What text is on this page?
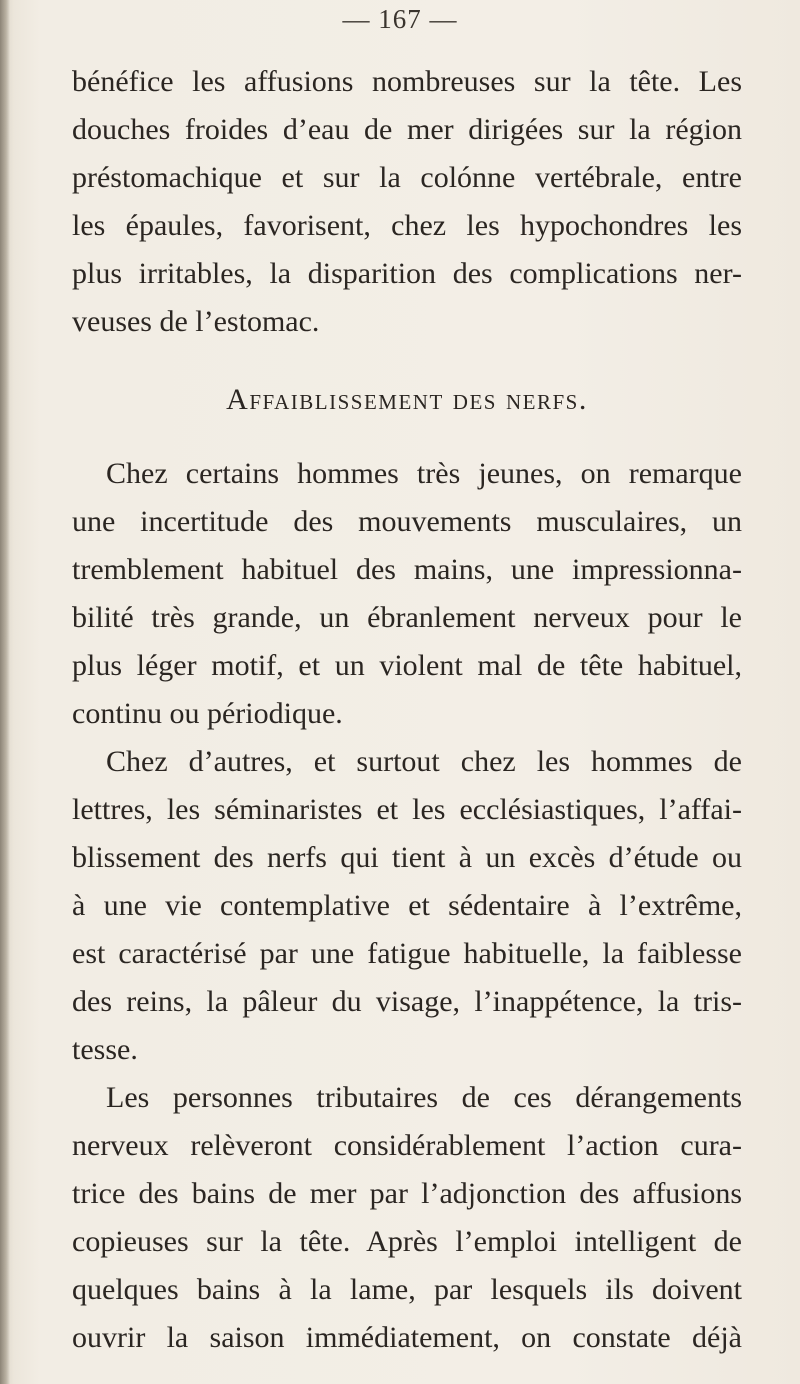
— 167 —

bénéfice les affusions nombreuses sur la tête. Les

douches froides d’eau de mer dirigées sur la région

préstomachique et sur la colónne vertébrale, entre

les épaules, favorisent, chez les hypochondres les

plus irritables, la disparition des complications ner-

veuses de l’estomac.

Affaiblissement des nerfs.

Chez certains hommes très jeunes, on remarque

une incertitude des mouvements musculaires, un

tremblement habituel des mains, une impressionna-

bilité très grande, un ébranlement nerveux pour le

plus léger motif, et un violent mal de tête habituel,

continu ou périodique.

Chez d’autres, et surtout chez les hommes de

lettres, les séminaristes et les ecclésiastiques, l’affai-

blissement des nerfs qui tient à un excès d’étude ou

à une vie contemplative et sédentaire à l’extrême,

est caractérisé par une fatigue habituelle, la faiblesse

des reins, la pâleur du visage, l’inappétence, la tris-

tesse.

Les personnes tributaires de ces dérangements

nerveux relèveront considérablement l’action cura-

trice des bains de mer par l’adjonction des affusions

copieuses sur la tête. Après l’emploi intelligent de

quelques bains à la lame, par lesquels ils doivent

ouvrir la saison immédiatement, on constate déjà
